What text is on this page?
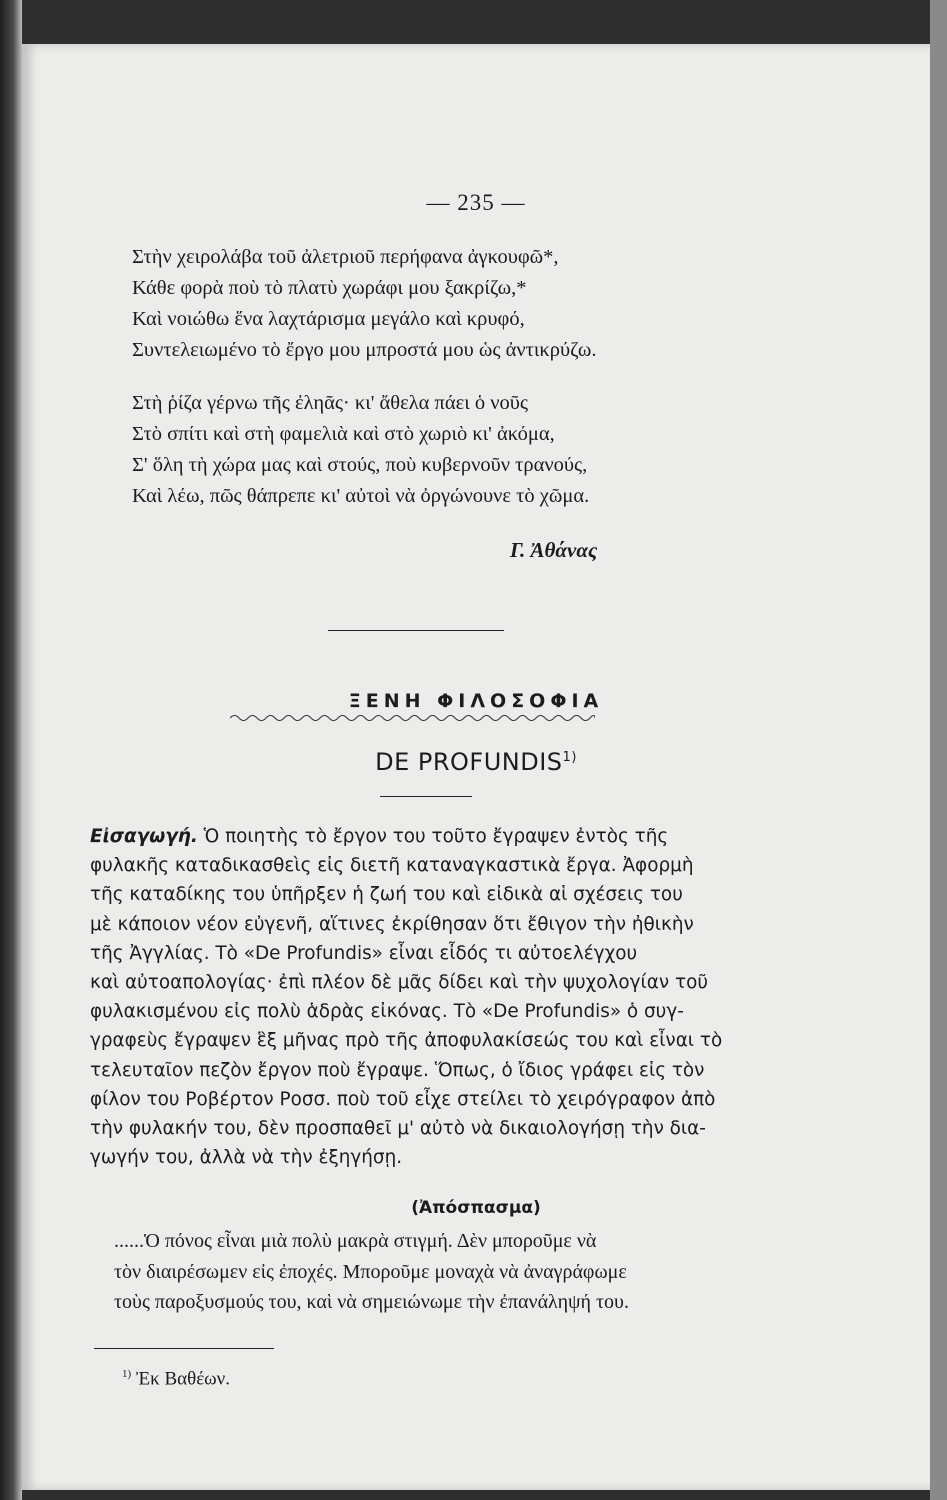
— 235 —
Στὴν χειρολάβα τοῦ ἀλετριοῦ περήφανα ἀγκουφῶ*,
Κάθε φορὰ ποὺ τὸ πλατὺ χωράφι μου ξακρίζω,*
Καὶ νοιώθω ἕνα λαχτάρισμα μεγάλο καὶ κρυφό,
Συντελειωμένο τὸ ἔργο μου μπροστά μου ὡς ἀντικρύζω.
Στὴ ῥίζα γέρνω τῆς ἐληᾶς· κι' ἄθελα πάει ὁ νοῦς
Στὸ σπίτι καὶ στὴ φαμελιὰ καὶ στὸ χωριὸ κι' ἀκόμα,
Σ' ὅλη τὴ χώρα μας καὶ στούς, ποὺ κυβερνοῦν τρανούς,
Καὶ λέω, πῶς θάπρεπε κι' αὐτοὶ νὰ ὀργώνουνε τὸ χῶμα.
Γ. Ἀθάνας
ΞΕΝΗ ΦΙΛΟΣΟΦΙΑ
DE PROFUNDIS$^{1)}$
Εἰσαγωγή. Ὁ ποιητὴς τὸ ἔργον του τοῦτο ἔγραψεν ἐντὸς τῆς
φυλακῆς καταδικασθεὶς εἰς διετῆ καταναγκαστικὰ ἔργα. Ἀφορμὴ
τῆς καταδίκης του ὑπῆρξεν ἡ ζωή του καὶ εἰδικὰ αἱ σχέσεις του
μὲ κάποιον νέον εὐγενῆ, αἵτινες ἐκρίθησαν ὅτι ἔθιγον τὴν ἠθικὴν
τῆς Ἀγγλίας. Τὸ «De Profundis» εἶναι εἶδός τι αὐτοελέγχου
καὶ αὐτοαπολογίας· ἐπὶ πλέον δὲ μᾶς δίδει καὶ τὴν ψυχολογίαν τοῦ
φυλακισμένου εἰς πολὺ ἁδρὰς εἰκόνας. Τὸ «De Profundis» ὁ συγ-
γραφεὺς ἔγραψεν ἓξ μῆνας πρὸ τῆς ἀποφυλακίσεώς του καὶ εἶναι τὸ
τελευταῖον πεζὸν ἔργον ποὺ ἔγραψε. Ὅπως, ὁ ἴδιος γράφει εἰς τὸν
φίλον του Ροβέρτον Ροσσ. ποὺ τοῦ εἶχε στείλει τὸ χειρόγραφον ἀπὸ
τὴν φυλακήν του, δὲν προσπαθεῖ μ' αὐτὸ νὰ δικαιολογήσῃ τὴν δια-
γωγήν του, ἀλλὰ νὰ τὴν ἐξηγήσῃ.
(Ἀπόσπασμα)
......Ὁ πόνος εἶναι μιὰ πολὺ μακρὰ στιγμή. Δὲν μποροῦμε νὰ
τὸν διαιρέσωμεν εἰς ἐποχές. Μποροῦμε μοναχὰ νὰ ἀναγράφωμε
τοὺς παροξυσμούς του, καὶ νὰ σημειώνωμε τὴν ἐπανάληψή του.
$^{1)}$ Ἐκ Βαθέων.
